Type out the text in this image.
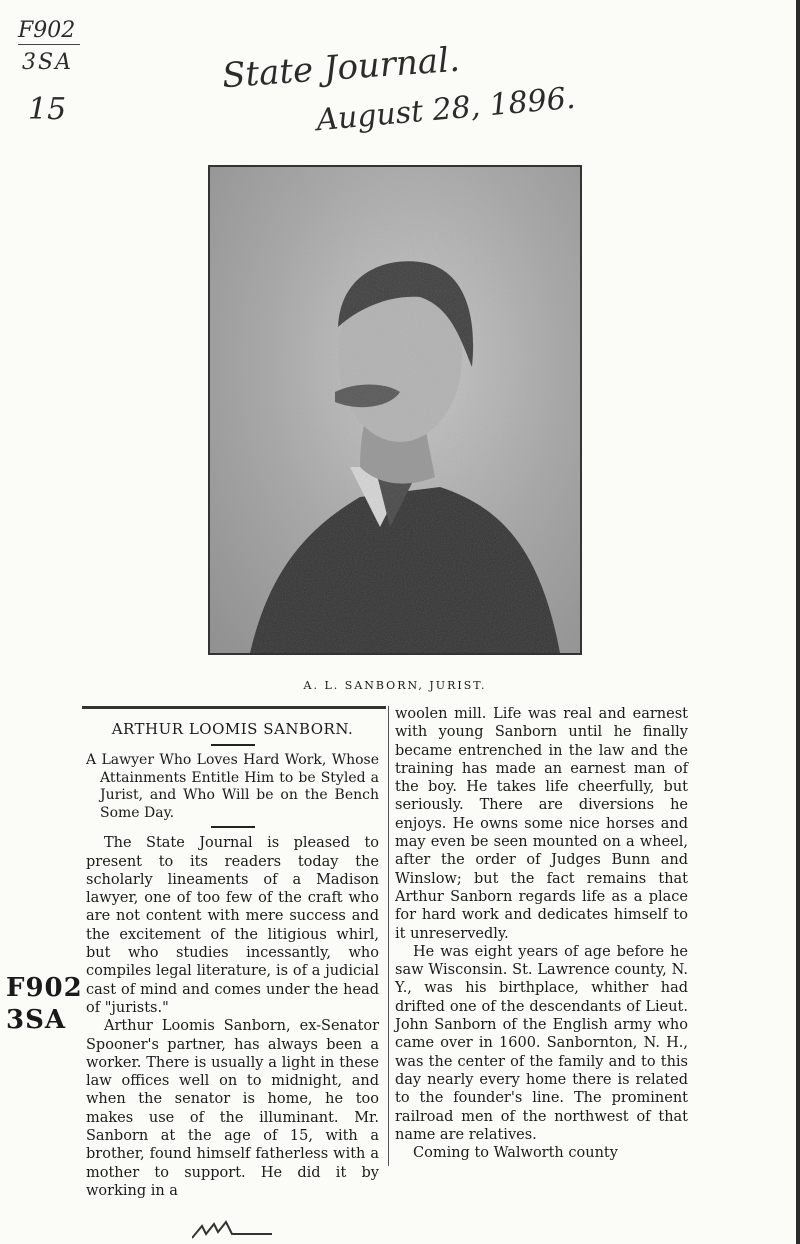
F902
3SA
15
State Journal.
August 28, 1896.
A. L. SANBORN, JURIST.
ARTHUR LOOMIS SANBORN.
A Lawyer Who Loves Hard Work, Whose Attainments Entitle Him to be Styled a Jurist, and Who Will be on the Bench Some Day.

The State Journal is pleased to present to its readers today the scholarly lineaments of a Madison lawyer, one of too few of the craft who are not content with mere success and the excitement of the litigious whirl, but who studies incessantly, who compiles legal literature, is of a judicial cast of mind and comes under the head of "jurists."

Arthur Loomis Sanborn, ex-Senator Spooner's partner, has always been a worker. There is usually a light in these law offices well on to midnight, and when the senator is home, he too makes use of the illuminant. Mr. Sanborn at the age of 15, with a brother, found himself fatherless with a mother to support. He did it by working in a

woolen mill. Life was real and earnest with young Sanborn until he finally became entrenched in the law and the training has made an earnest man of the boy. He takes life cheerfully, but seriously. There are diversions he enjoys. He owns some nice horses and may even be seen mounted on a wheel, after the order of Judges Bunn and Winslow; but the fact remains that Arthur Sanborn regards life as a place for hard work and dedicates himself to it unreservedly.

He was eight years of age before he saw Wisconsin. St. Lawrence county, N. Y., was his birthplace, whither had drifted one of the descendants of Lieut. John Sanborn of the English army who came over in 1600. Sanbornton, N. H., was the center of the family and to this day nearly every home there is related to the founder's line. The prominent railroad men of the northwest of that name are relatives.

Coming to Walworth county

F902
3SA
